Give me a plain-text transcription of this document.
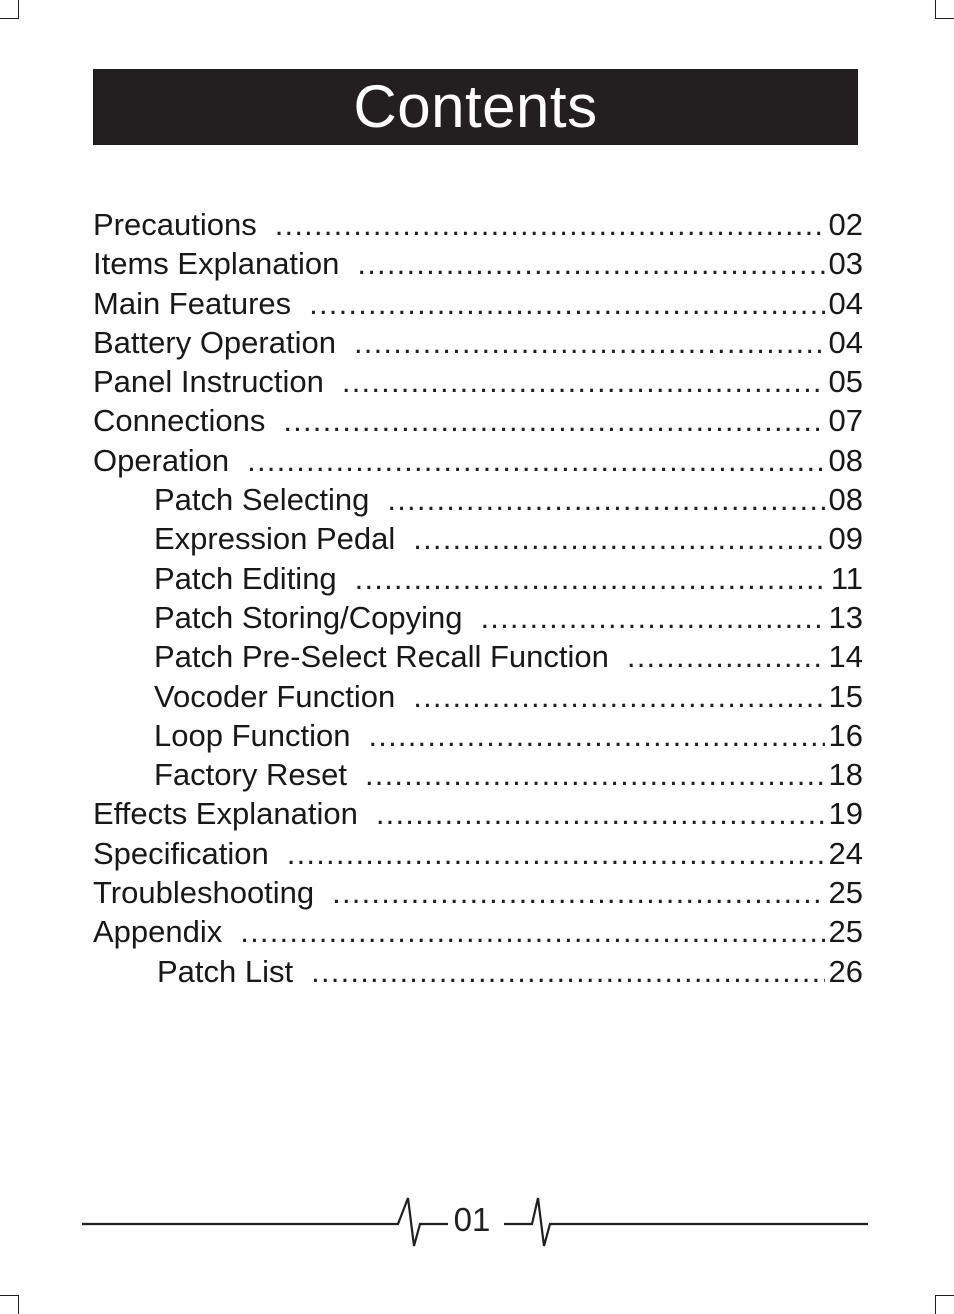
Contents
Precautions .....	02
Items Explanation .....	03
Main Features .....	04
Battery Operation .....	04
Panel Instruction .....	05
Connections .....	07
Operation .....	08
Patch Selecting .....	08
Expression Pedal .....	09
Patch Editing .....	11
Patch Storing/Copying .....	13
Patch Pre-Select Recall Function .....	14
Vocoder Function .....	15
Loop Function .....	16
Factory Reset .....	18
Effects Explanation .....	19
Specification .....	24
Troubleshooting .....	25
Appendix .....	25
Patch List .....	26
01
